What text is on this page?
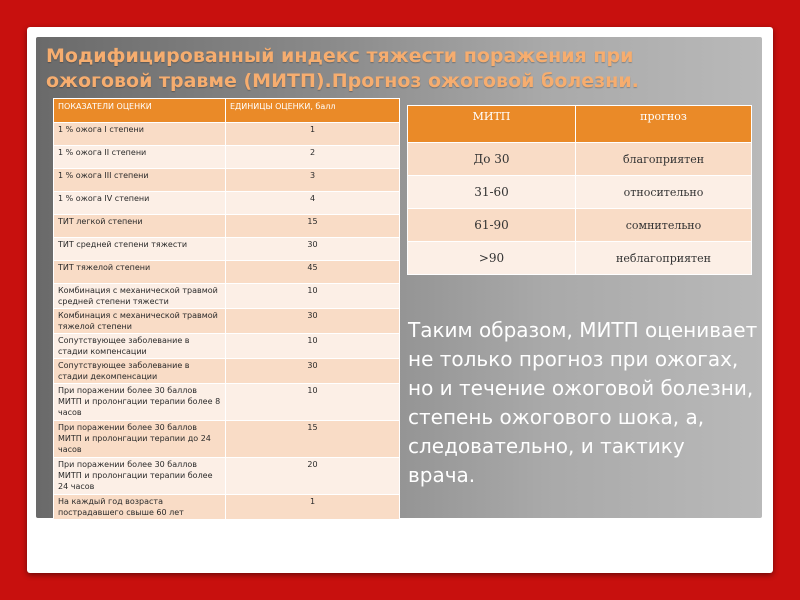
Модифицированный индекс тяжести поражения при ожоговой травме (МИТП).Прогноз ожоговой болезни.
ПОКАЗАТЕЛИ ОЦЕНКИ	ЕДИНИЦЫ ОЦЕНКИ, балл
1 % ожога I степени	1
1 % ожога II степени	2
1 % ожога III степени	3
1 % ожога IV степени	4
ТИТ легкой степени	15
ТИТ средней степени тяжести	30
ТИТ тяжелой степени	45
Комбинация с механической травмой средней степени тяжести	10
Комбинация с механической травмой тяжелой степени	30
Сопутствующее заболевание в стадии компенсации	10
Сопутствующее заболевание в стадии декомпенсации	30
При поражении более 30 баллов МИТП и пролонгации терапии более 8 часов	10
При поражении более 30 баллов МИТП и пролонгации терапии до 24 часов	15
При поражении более 30 баллов МИТП и пролонгации терапии более 24 часов	20
На каждый год возраста пострадавшего свыше 60 лет	1
МИТП	прогноз
До 30	благоприятен
31-60	относительно
61-90	сомнительно
>90	неблагоприятен
Таким образом, МИТП оценивает не только прогноз при ожогах, но и течение ожоговой болезни, степень ожогового шока, а, следовательно, и тактику врача.
